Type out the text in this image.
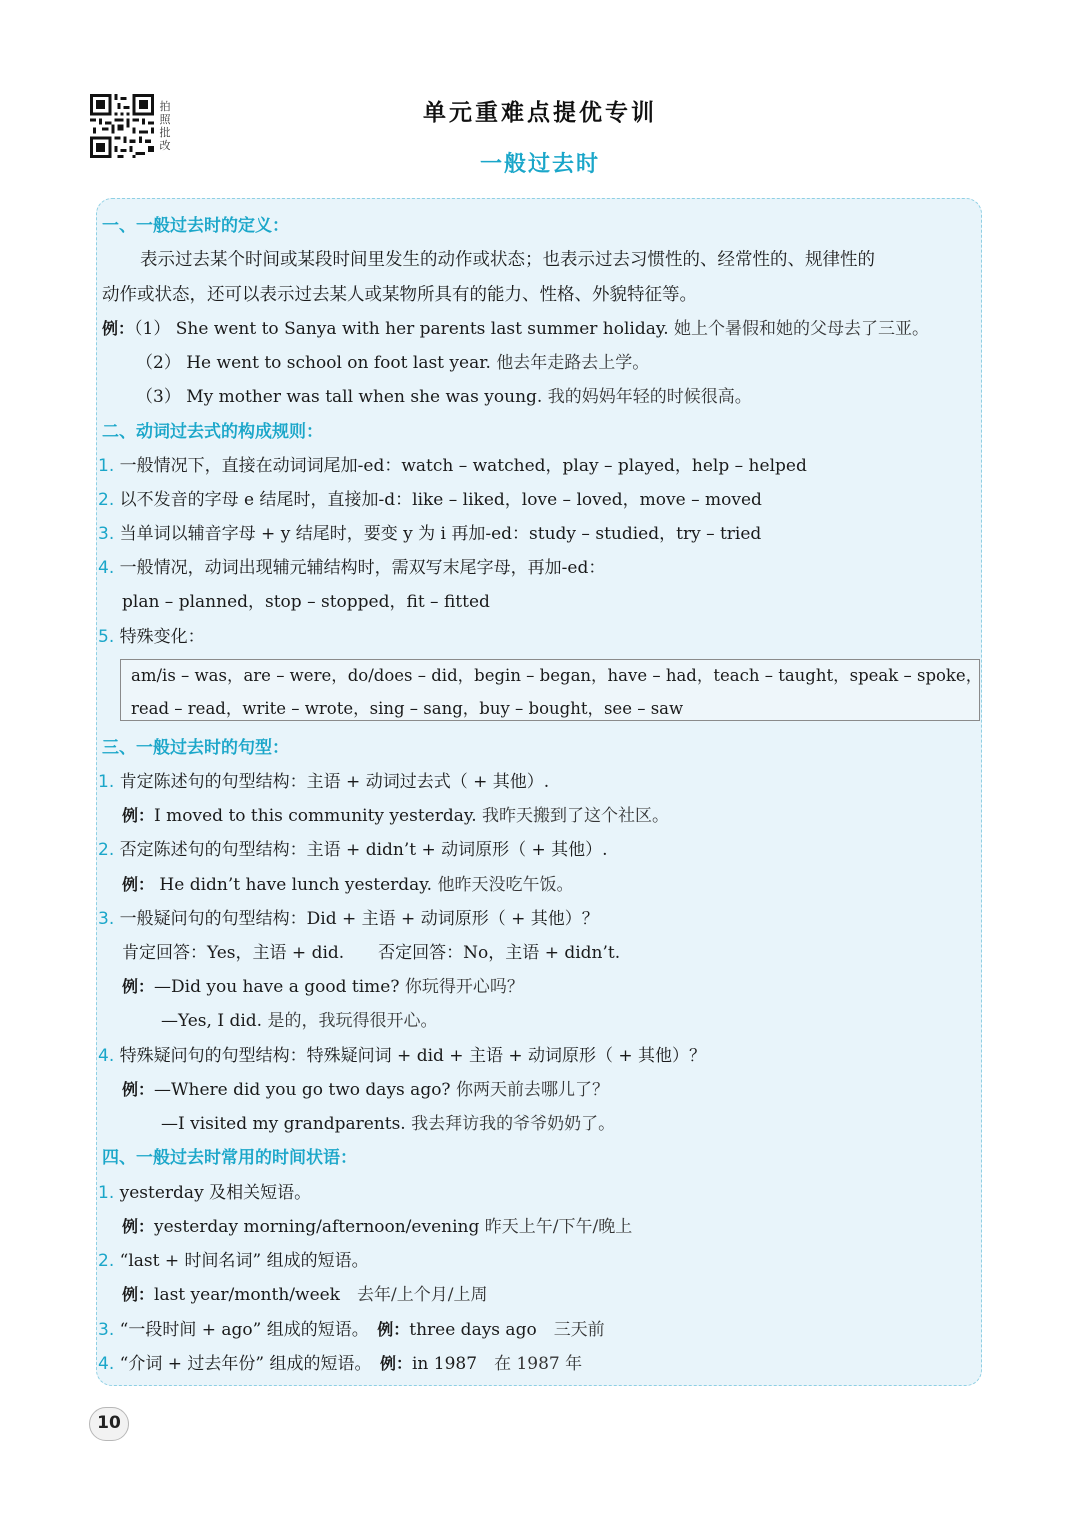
拍照批改
单元重难点提优专训
一般过去时
一、一般过去时的定义：
表示过去某个时间或某段时间里发生的动作或状态；也表示过去习惯性的、经常性的、规律性的
动作或状态，还可以表示过去某人或某物所具有的能力、性格、外貌特征等。
例：（1） She went to Sanya with her parents last summer holiday. 她上个暑假和她的父母去了三亚。
（2） He went to school on foot last year. 他去年走路去上学。
（3） My mother was tall when she was young. 我的妈妈年轻的时候很高。
二、动词过去式的构成规则：
1. 一般情况下，直接在动词词尾加-ed：watch – watched，play – played，help – helped
2. 以不发音的字母 e 结尾时，直接加-d：like – liked，love – loved，move – moved
3. 当单词以辅音字母 + y 结尾时，要变 y 为 i 再加-ed：study – studied，try – tried
4. 一般情况，动词出现辅元辅结构时，需双写末尾字母，再加-ed：
plan – planned，stop – stopped，fit – fitted
5. 特殊变化：
am/is – was，are – were，do/does – did，begin – began，have – had，teach – taught，speak – spoke，
read – read，write – wrote，sing – sang，buy – bought，see – saw
三、一般过去时的句型：
1. 肯定陈述句的句型结构：主语 + 动词过去式（ + 其他）.
例：I moved to this community yesterday. 我昨天搬到了这个社区。
2. 否定陈述句的句型结构：主语 + didn’t + 动词原形（ + 其他）.
例： He didn’t have lunch yesterday. 他昨天没吃午饭。
3. 一般疑问句的句型结构：Did + 主语 + 动词原形（ + 其他）？
肯定回答：Yes，主语 + did.　　否定回答：No，主语 + didn’t.
例：—Did you have a good time? 你玩得开心吗？
—Yes, I did. 是的，我玩得很开心。
4. 特殊疑问句的句型结构：特殊疑问词 + did + 主语 + 动词原形（ + 其他）？
例：—Where did you go two days ago? 你两天前去哪儿了？
—I visited my grandparents. 我去拜访我的爷爷奶奶了。
四、一般过去时常用的时间状语：
1. yesterday 及相关短语。
例：yesterday morning/afternoon/evening 昨天上午/下午/晚上
2. “last + 时间名词” 组成的短语。
例：last year/month/week　 去年/上个月/上周
3. “一段时间 + ago” 组成的短语。　 例：three days ago　 三天前
4. “介词 + 过去年份” 组成的短语。　 例：in 1987　 在 1987 年
10
